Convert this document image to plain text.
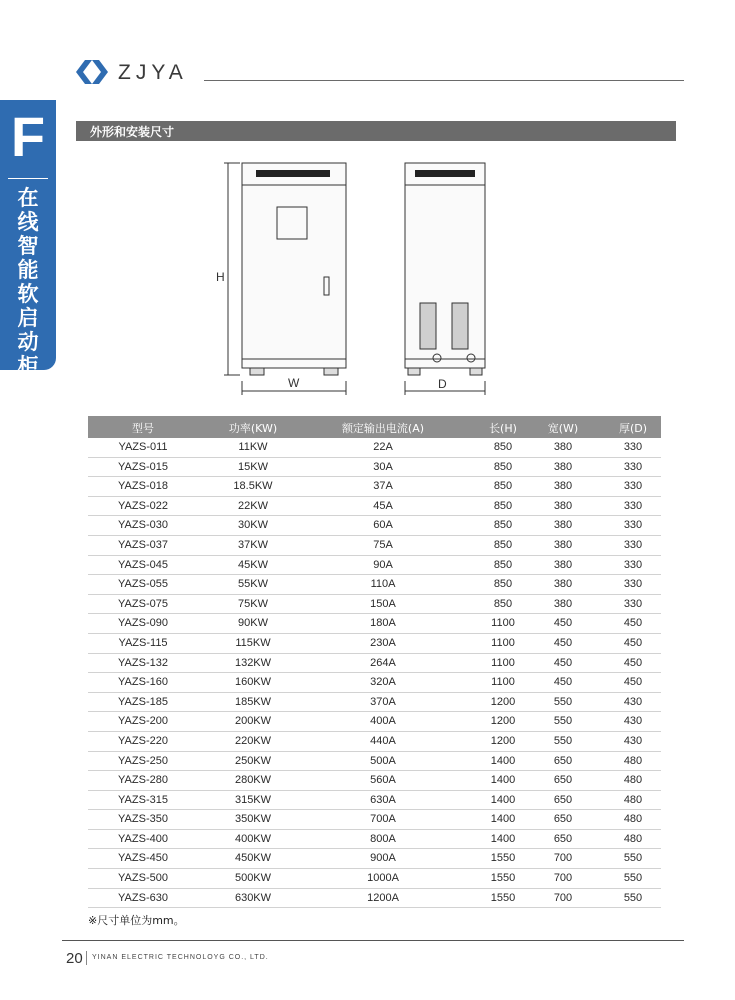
ZJYA
F
在
线
智
能
软
启
动
柜
外形和安装尺寸
H
W	D
型号	功率(KW)	额定输出电流(A)	长(H)	宽(W)	厚(D)
YAZS-011	11KW	22A	850	380	330
YAZS-015	15KW	30A	850	380	330
YAZS-018	18.5KW	37A	850	380	330
YAZS-022	22KW	45A	850	380	330
YAZS-030	30KW	60A	850	380	330
YAZS-037	37KW	75A	850	380	330
YAZS-045	45KW	90A	850	380	330
YAZS-055	55KW	110A	850	380	330
YAZS-075	75KW	150A	850	380	330
YAZS-090	90KW	180A	1100	450	450
YAZS-115	115KW	230A	1100	450	450
YAZS-132	132KW	264A	1100	450	450
YAZS-160	160KW	320A	1100	450	450
YAZS-185	185KW	370A	1200	550	430
YAZS-200	200KW	400A	1200	550	430
YAZS-220	220KW	440A	1200	550	430
YAZS-250	250KW	500A	1400	650	480
YAZS-280	280KW	560A	1400	650	480
YAZS-315	315KW	630A	1400	650	480
YAZS-350	350KW	700A	1400	650	480
YAZS-400	400KW	800A	1400	650	480
YAZS-450	450KW	900A	1550	700	550
YAZS-500	500KW	1000A	1550	700	550
YAZS-630	630KW	1200A	1550	700	550
※尺寸单位为mm。
20 YINAN ELECTRIC TECHNOLOYG CO., LTD.
